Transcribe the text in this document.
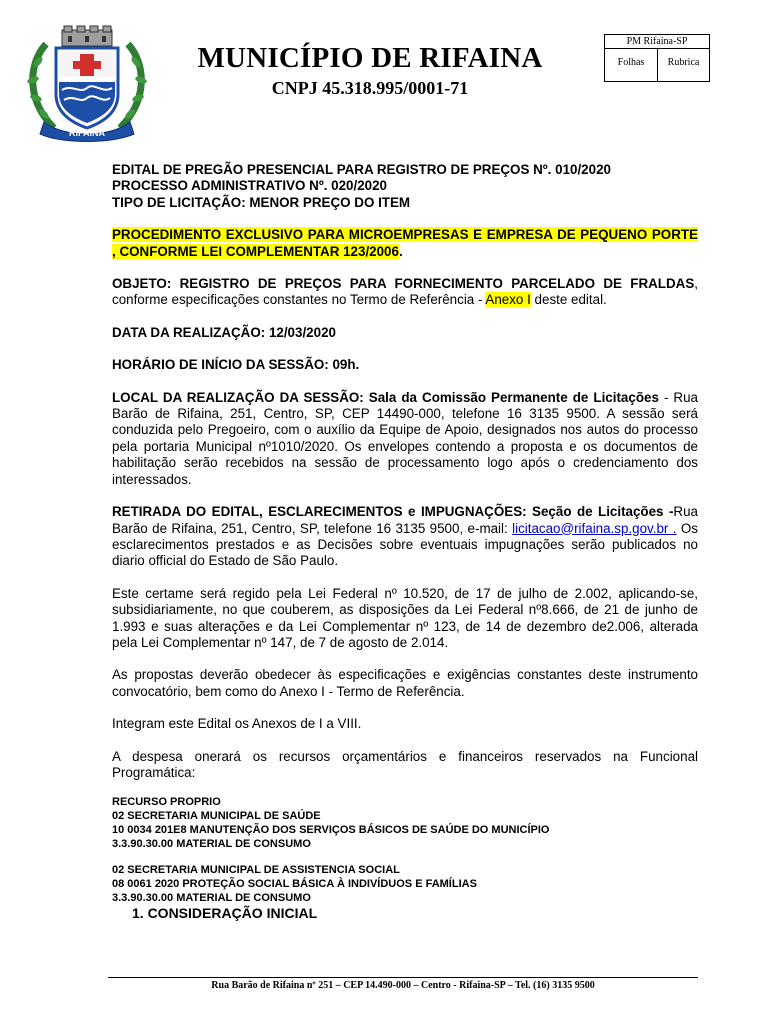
RIFAINA
MUNICÍPIO DE RIFAINA
CNPJ 45.318.995/0001-71
PM Rifaina-SP
Folhas	Rubrica

EDITAL DE PREGÃO PRESENCIAL PARA REGISTRO DE PREÇOS Nº. 010/2020

PROCESSO ADMINISTRATIVO Nº. 020/2020

TIPO DE LICITAÇÃO: MENOR PREÇO DO ITEM

PROCEDIMENTO EXCLUSIVO PARA MICROEMPRESAS E EMPRESA DE PEQUENO PORTE , CONFORME LEI COMPLEMENTAR 123/2006.

OBJETO: REGISTRO DE PREÇOS PARA FORNECIMENTO PARCELADO DE FRALDAS, conforme especificações constantes no Termo de Referência - Anexo I deste edital.

DATA DA REALIZAÇÃO: 12/03/2020

HORÁRIO DE INÍCIO DA SESSÃO: 09h.

LOCAL DA REALIZAÇÃO DA SESSÃO: Sala da Comissão Permanente de Licitações - Rua Barão de Rifaina, 251, Centro, SP, CEP 14490-000, telefone 16 3135 9500. A sessão será conduzida pelo Pregoeiro, com o auxílio da Equipe de Apoio, designados nos autos do processo pela portaria Municipal nº1010/2020. Os envelopes contendo a proposta e os documentos de habilitação serão recebidos na sessão de processamento logo após o credenciamento dos interessados.

RETIRADA DO EDITAL, ESCLARECIMENTOS e IMPUGNAÇÕES: Seção de Licitações -Rua Barão de Rifaina, 251, Centro, SP, telefone 16 3135 9500, e-mail: licitacao@rifaina.sp.gov.br . Os esclarecimentos prestados e as Decisões sobre eventuais impugnações serão publicados no diario official do Estado de São Paulo.

Este certame será regido pela Lei Federal nº 10.520, de 17 de julho de 2.002, aplicando-se, subsidiariamente, no que couberem, as disposições da Lei Federal nº8.666, de 21 de junho de 1.993 e suas alterações e da Lei Complementar nº 123, de 14 de dezembro de2.006, alterada pela Lei Complementar nº 147, de 7 de agosto de 2.014.

As propostas deverão obedecer às especificações e exigências constantes deste instrumento convocatório, bem como do Anexo I - Termo de Referência.

Integram este Edital os Anexos de I a VIII.

A despesa onerará os recursos orçamentários e financeiros reservados na Funcional Programática:

RECURSO PROPRIO
02 SECRETARIA MUNICIPAL DE SAÚDE
10 0034 201E8 MANUTENÇÃO DOS SERVIÇOS BÁSICOS DE SAÚDE DO MUNICÍPIO
3.3.90.30.00 MATERIAL DE CONSUMO
02 SECRETARIA MUNICIPAL DE ASSISTENCIA SOCIAL
08 0061 2020 PROTEÇÃO SOCIAL BÁSICA À INDIVÍDUOS E FAMÍLIAS
3.3.90.30.00 MATERIAL DE CONSUMO
1. CONSIDERAÇÃO INICIAL
Rua Barão de Rifaina nº 251 – CEP 14.490-000 – Centro - Rifaina-SP – Tel. (16) 3135 9500
